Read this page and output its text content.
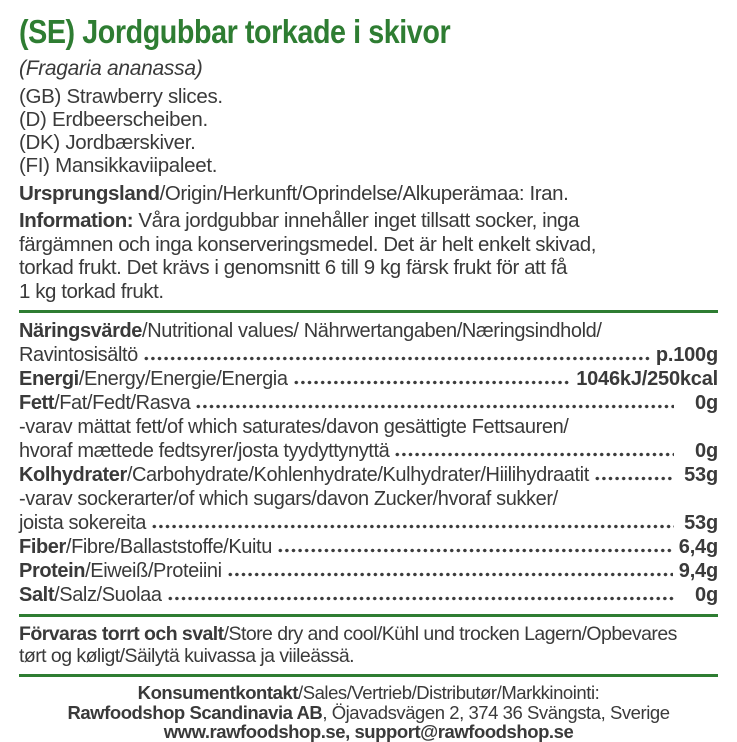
(SE) Jordgubbar torkade i skivor
(Fragaria ananassa)
(GB) Strawberry slices.
(D) Erdbeerscheiben.
(DK) Jordbærskiver.
(FI) Mansikkaviipaleet.
Ursprungsland/Origin/Herkunft/Oprindelse/Alkuperämaa: Iran.
Information: Våra jordgubbar innehåller inget tillsatt socker, inga
färgämnen och inga konserveringsmedel. Det är helt enkelt skivad,
torkad frukt. Det krävs i genomsnitt 6 till 9 kg färsk frukt för att få
1 kg torkad frukt.
Näringsvärde/Nutritional values/ Nährwertangaben/Næringsindhold/
Ravintosisältö	p.100g
Energi/Energy/Energie/Energia	1046kJ/250kcal
Fett/Fat/Fedt/Rasva	0g
-varav mättat fett/of which saturates/davon gesättigte Fettsauren/
hvoraf mættede fedtsyrer/josta tyydyttynyttä	0g
Kolhydrater/Carbohydrate/Kohlenhydrate/Kulhydrater/Hiilihydraatit	53g
-varav sockerarter/of which sugars/davon Zucker/hvoraf sukker/
joista sokereita	53g
Fiber/Fibre/Ballaststoffe/Kuitu	6,4g
Protein/Eiweiß/Proteiini	9,4g
Salt/Salz/Suolaa	0g
Förvaras torrt och svalt/Store dry and cool/Kühl und trocken Lagern/Opbevares
tørt og køligt/Säilytä kuivassa ja viileässä.
Konsumentkontakt/Sales/Vertrieb/Distributør/Markkinointi:
Rawfoodshop Scandinavia AB, Öjavadsvägen 2, 374 36 Svängsta, Sverige
www.rawfoodshop.se, support@rawfoodshop.se
